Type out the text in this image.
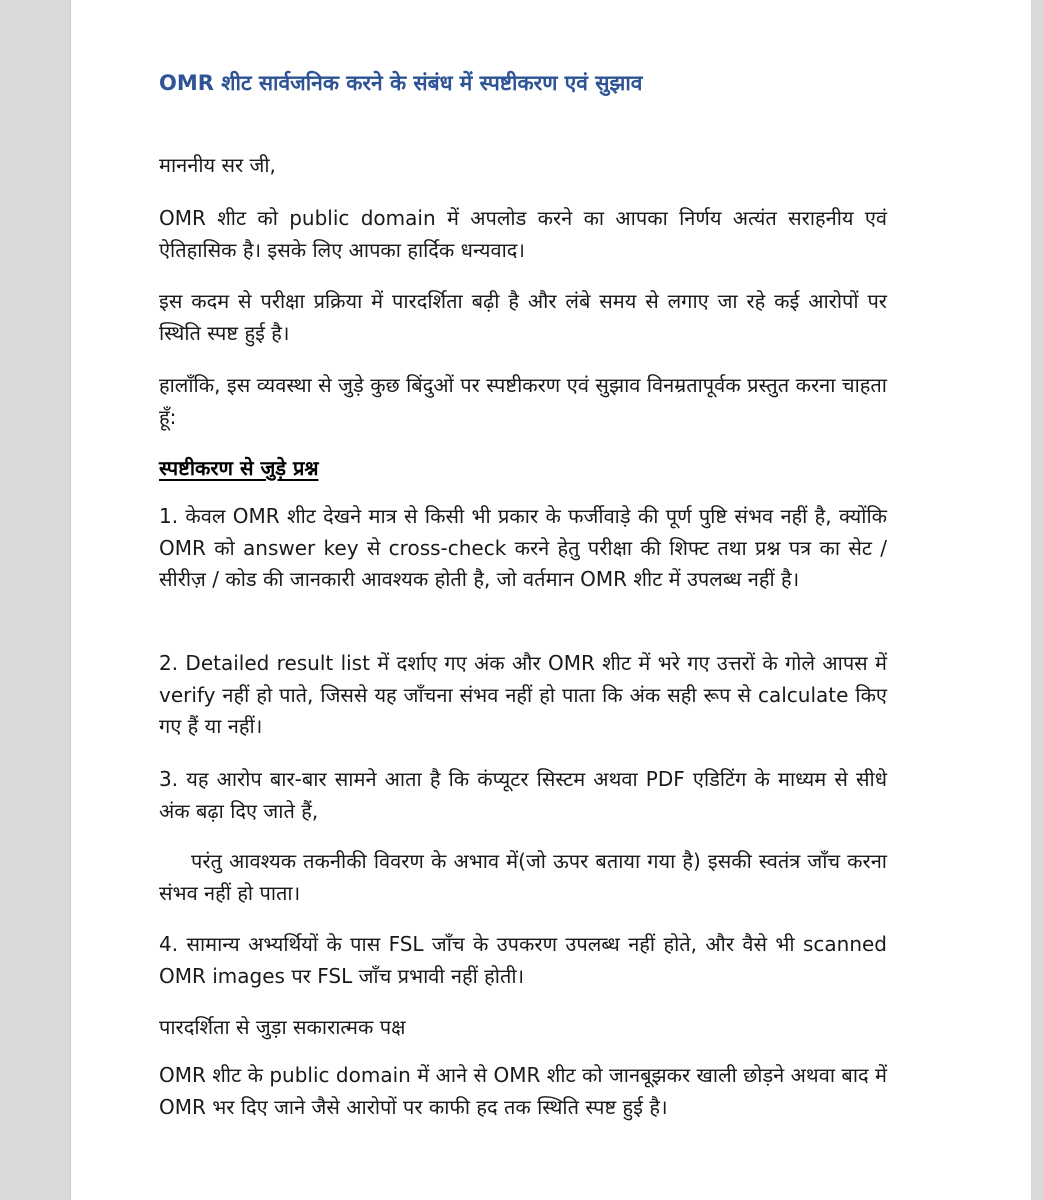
OMR शीट सार्वजनिक करने के संबंध में स्पष्टीकरण एवं सुझाव
माननीय सर जी,
OMR शीट को public domain में अपलोड करने का आपका निर्णय अत्यंत सराहनीय एवं ऐतिहासिक है। इसके लिए आपका हार्दिक धन्यवाद।
इस कदम से परीक्षा प्रक्रिया में पारदर्शिता बढ़ी है और लंबे समय से लगाए जा रहे कई आरोपों पर स्थिति स्पष्ट हुई है।
हालाँकि, इस व्यवस्था से जुड़े कुछ बिंदुओं पर स्पष्टीकरण एवं सुझाव विनम्रतापूर्वक प्रस्तुत करना चाहता हूँ:
स्पष्टीकरण से जुड़े प्रश्न
1. केवल OMR शीट देखने मात्र से किसी भी प्रकार के फर्जीवाड़े की पूर्ण पुष्टि संभव नहीं है, क्योंकि OMR को answer key से cross-check करने हेतु परीक्षा की शिफ्ट तथा प्रश्न पत्र का सेट / सीरीज़ / कोड की जानकारी आवश्यक होती है, जो वर्तमान OMR शीट में उपलब्ध नहीं है।
2. Detailed result list में दर्शाए गए अंक और OMR शीट में भरे गए उत्तरों के गोले आपस में verify नहीं हो पाते, जिससे यह जाँचना संभव नहीं हो पाता कि अंक सही रूप से calculate किए गए हैं या नहीं।
3. यह आरोप बार-बार सामने आता है कि कंप्यूटर सिस्टम अथवा PDF एडिटिंग के माध्यम से सीधे अंक बढ़ा दिए जाते हैं,
परंतु आवश्यक तकनीकी विवरण के अभाव में(जो ऊपर बताया गया है) इसकी स्वतंत्र जाँच करना संभव नहीं हो पाता।
4. सामान्य अभ्यर्थियों के पास FSL जाँच के उपकरण उपलब्ध नहीं होते, और वैसे भी scanned OMR images पर FSL जाँच प्रभावी नहीं होती।
पारदर्शिता से जुड़ा सकारात्मक पक्ष
OMR शीट के public domain में आने से OMR शीट को जानबूझकर खाली छोड़ने अथवा बाद में OMR भर दिए जाने जैसे आरोपों पर काफी हद तक स्थिति स्पष्ट हुई है।
